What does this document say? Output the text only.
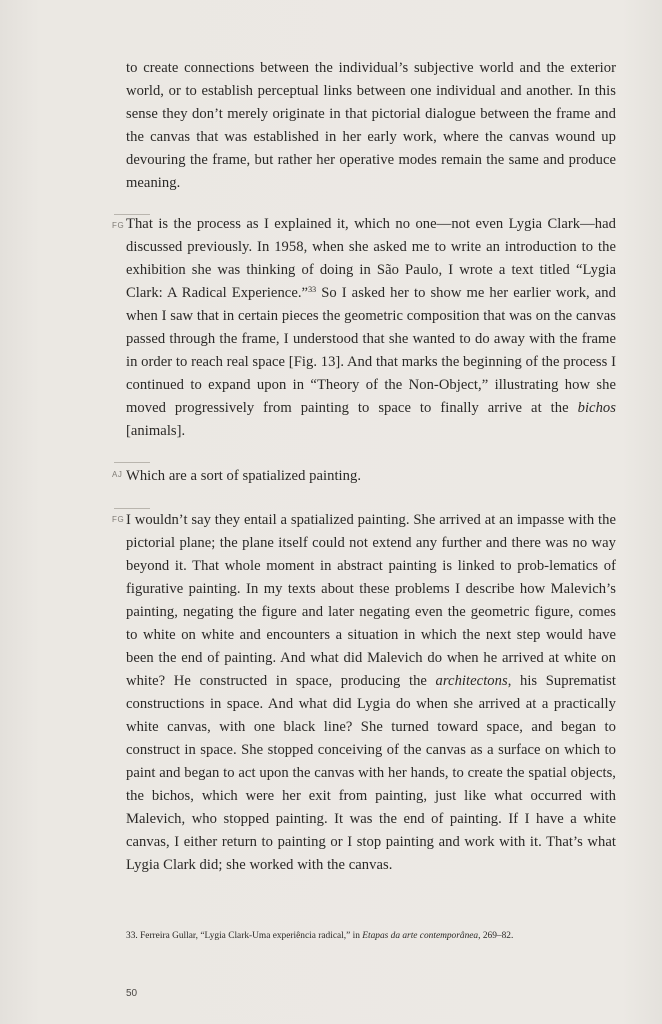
to create connections between the individual’s subjective world and the exterior world, or to establish perceptual links between one individual and another. In this sense they don’t merely originate in that pictorial dialogue between the frame and the canvas that was established in her early work, where the canvas wound up devouring the frame, but rather her operative modes remain the same and produce meaning.

FG That is the process as I explained it, which no one—not even Lygia Clark—had discussed previously. In 1958, when she asked me to write an introduction to the exhibition she was thinking of doing in São Paulo, I wrote a text titled “Lygia Clark: A Radical Experience.”$^{33}$ So I asked her to show me her earlier work, and when I saw that in certain pieces the geometric composition that was on the canvas passed through the frame, I understood that she wanted to do away with the frame in order to reach real space [Fig. 13]. And that marks the beginning of the process I continued to expand upon in “Theory of the Non-Object,” illustrating how she moved progressively from painting to space to finally arrive at the bichos [animals].

AJ Which are a sort of spatialized painting.

FG I wouldn’t say they entail a spatialized painting. She arrived at an impasse with the pictorial plane; the plane itself could not extend any further and there was no way beyond it. That whole moment in abstract painting is linked to prob-lematics of figurative painting. In my texts about these problems I describe how Malevich’s painting, negating the figure and later negating even the geometric figure, comes to white on white and encounters a situation in which the next step would have been the end of painting. And what did Malevich do when he arrived at white on white? He constructed in space, producing the architectons, his Suprematist constructions in space. And what did Lygia do when she arrived at a practically white canvas, with one black line? She turned toward space, and began to construct in space. She stopped conceiving of the canvas as a surface on which to paint and began to act upon the canvas with her hands, to create the spatial objects, the bichos, which were her exit from painting, just like what occurred with Malevich, who stopped painting. It was the end of painting. If I have a white canvas, I either return to painting or I stop painting and work with it. That’s what Lygia Clark did; she worked with the canvas.

33. Ferreira Gullar, “Lygia Clark-Uma experiência radical,” in Etapas da arte contemporânea, 269–82.
50
